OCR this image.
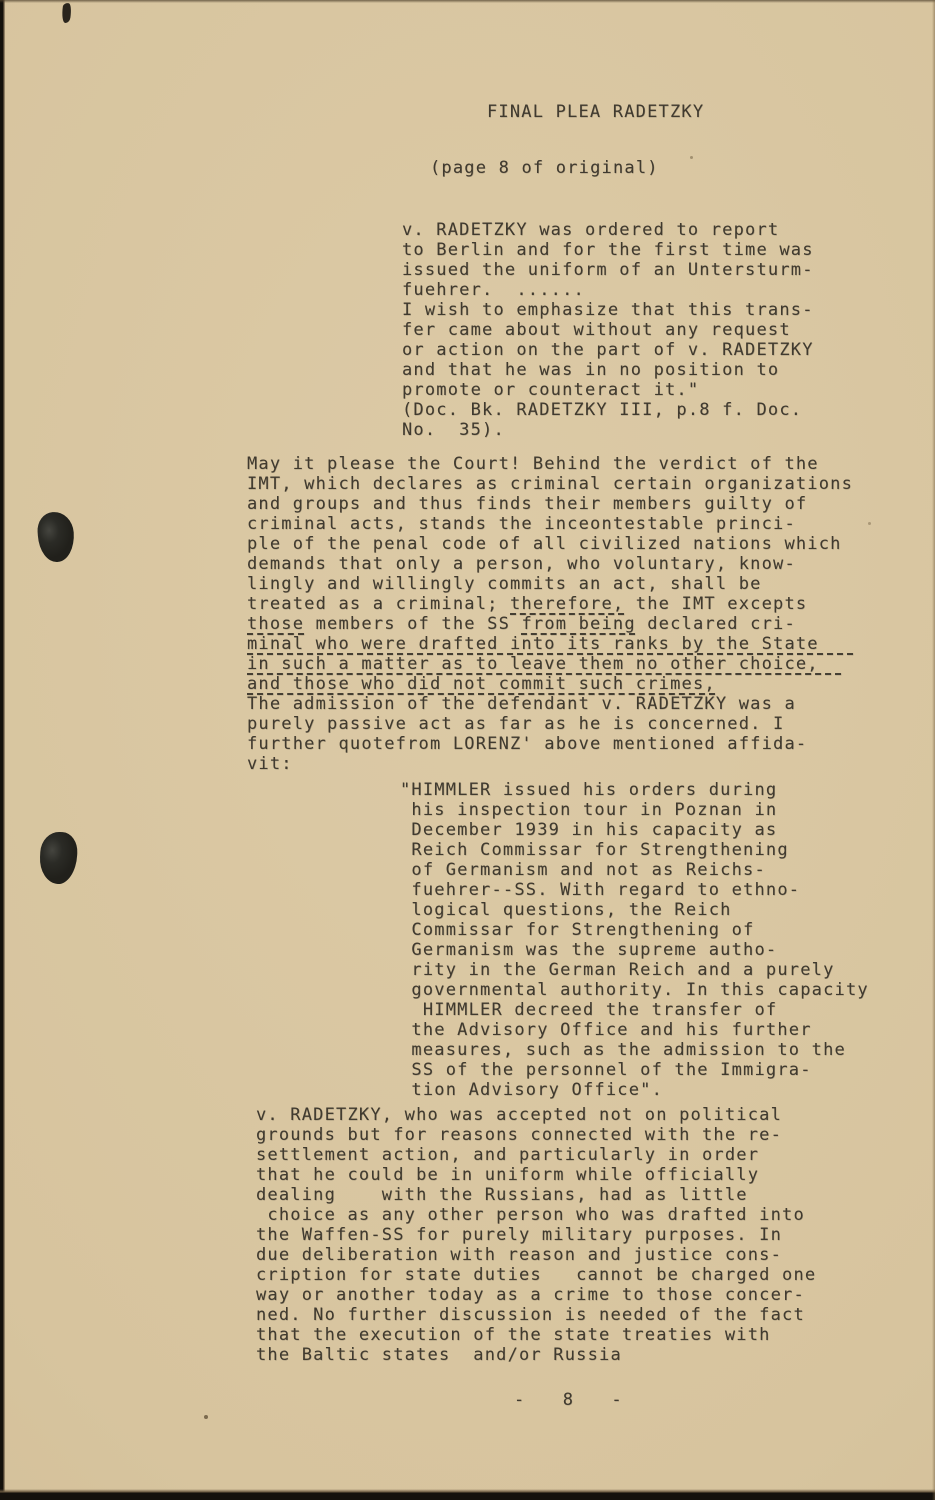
FINAL PLEA RADETZKY
(page 8 of original)
v. RADETZKY was ordered to report
to Berlin and for the first time was
issued the uniform of an Untersturm-
fuehrer.  ......
I wish to emphasize that this trans-
fer came about without any request
or action on the part of v. RADETZKY
and that he was in no position to
promote or counteract it."
(Doc. Bk. RADETZKY III, p.8 f. Doc.
No.  35).
May it please the Court! Behind the verdict of the
IMT, which declares as criminal certain organizations
and groups and thus finds their members guilty of
criminal acts, stands the inceontestable princi-
ple of the penal code of all civilized nations which
demands that only a person, who voluntary, know-
lingly and willingly commits an act, shall be
treated as a criminal; therefore, the IMT excepts
those members of the SS from being declared cri-
minal who were drafted into its ranks by the State
in such a matter as to leave them no other choice,
and those who did not commit such crimes,
The admission of the defendant v. RADETZKY was a
purely passive act as far as he is concerned. I
further quotefrom LORENZ' above mentioned affida-
vit:
"HIMMLER issued his orders during
his inspection tour in Poznan in
December 1939 in his capacity as
Reich Commissar for Strengthening
of Germanism and not as Reichs-
fuehrer--SS. With regard to ethno-
logical questions, the Reich
Commissar for Strengthening of
Germanism was the supreme autho-
rity in the German Reich and a purely
governmental authority. In this capacity
HIMMLER decreed the transfer of
the Advisory Office and his further
measures, such as the admission to the
SS of the personnel of the Immigra-
tion Advisory Office".
v. RADETZKY, who was accepted not on political
grounds but for reasons connected with the re-
settlement action, and particularly in order
that he could be in uniform while officially
dealing    with the Russians, had as little
choice as any other person who was drafted into
the Waffen-SS for purely military purposes. In
due deliberation with reason and justice cons-
cription for state duties   cannot be charged one
way or another today as a crime to those concer-
ned. No further discussion is needed of the fact
that the execution of the state treaties with
the Baltic states  and/or Russia
-  8  -
